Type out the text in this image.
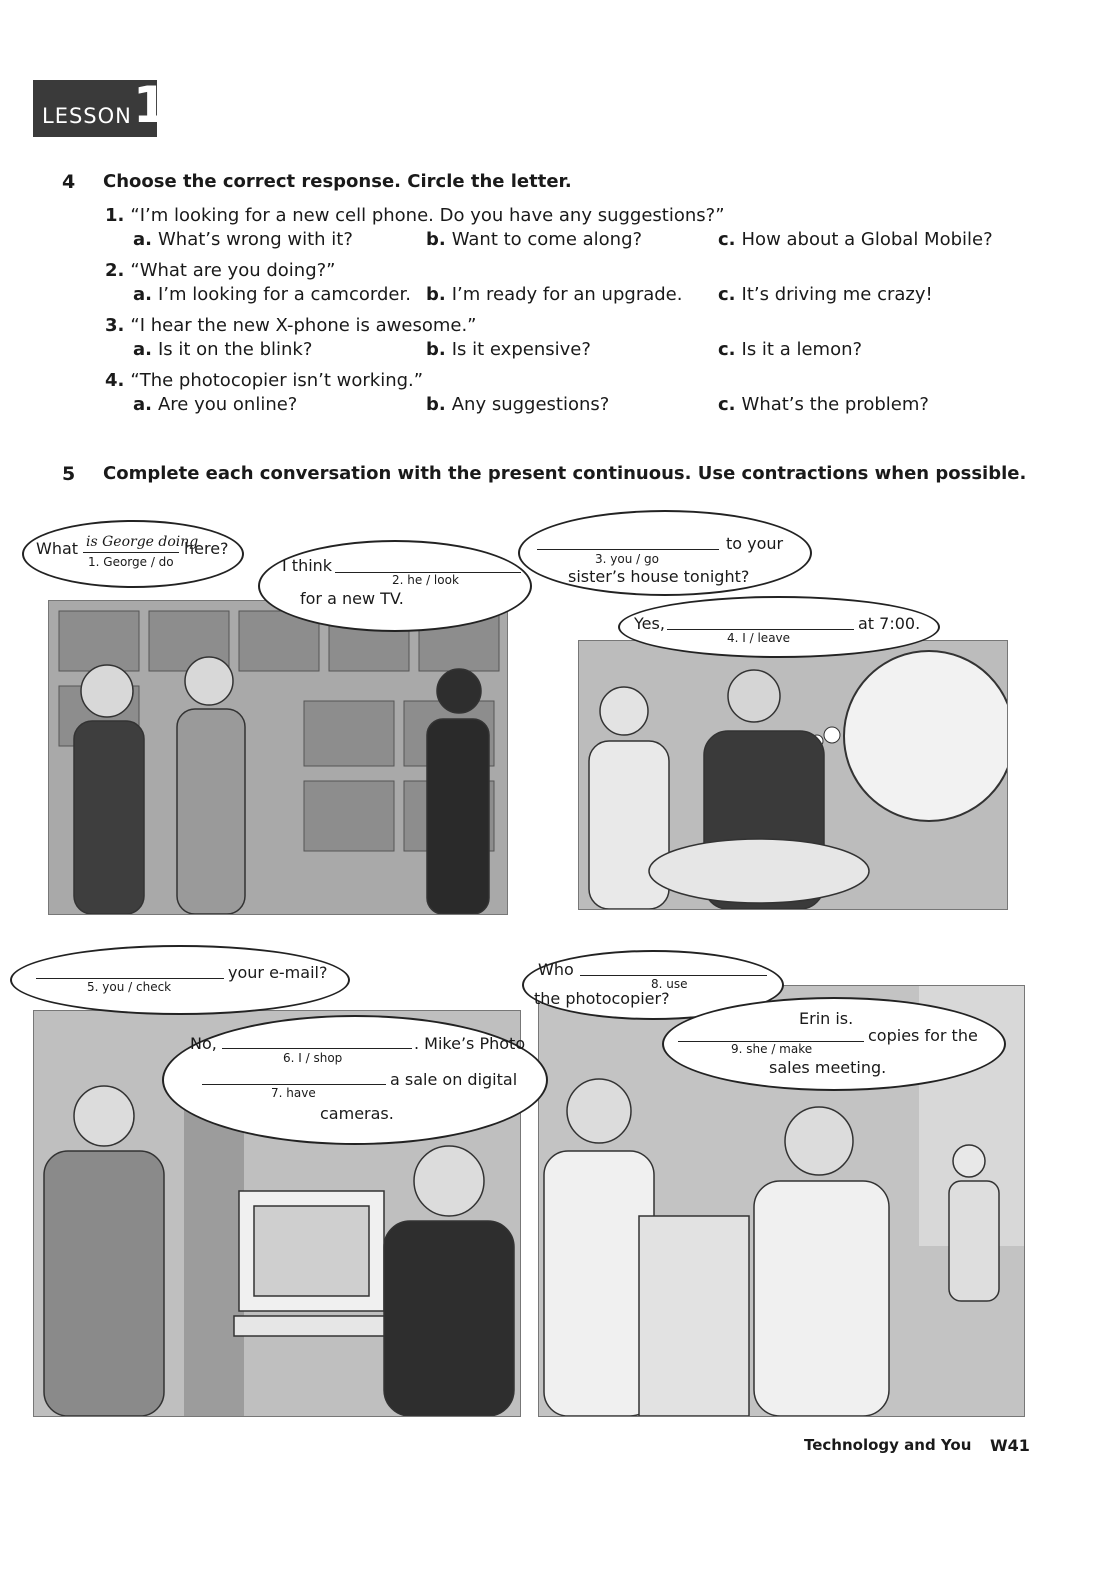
LESSON 1
4 Choose the correct response. Circle the letter.
1. “I’m looking for a new cell phone. Do you have any suggestions?”
a. What’s wrong with it?	b. Want to come along?	c. How about a Global Mobile?
2. “What are you doing?”
a. I’m looking for a camcorder. b. I’m ready for an upgrade. c. It’s driving me crazy!
3. “I hear the new X-phone is awesome.”
a. Is it on the blink?	b. Is it expensive?	c. Is it a lemon?
4. “The photocopier isn’t working.”
a. Are you online?	b. Any suggestions?	c. What’s the problem?
5 Complete each conversation with the present continuous. Use contractions when possible.
What is George doing
1. George / do
here?
I think
2. he / look
for a new TV.
to your
3. you / go
sister’s house tonight?
Yes,
4. I / leave
at 7:00.
5. you / check
your e-mail?
No,
6. I / shop
. Mike’s Photo
7. have
a sale on digital
cameras.
Who
8. use
the photocopier?
Erin is.
9. she / make
copies for the
sales meeting.
Technology and You W41
